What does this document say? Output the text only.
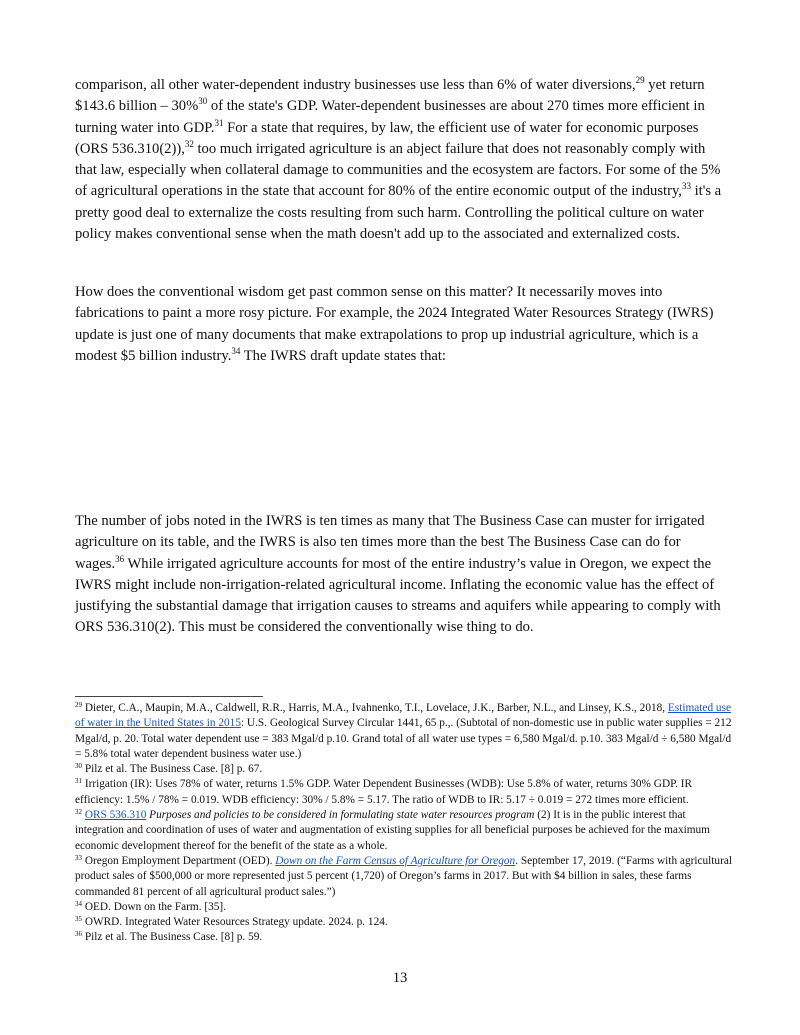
comparison, all other water-dependent industry businesses use less than 6% of water diversions,$^{29}$ yet return $143.6 billion – 30%$^{30}$ of the state's GDP. Water-dependent businesses are about 270 times more efficient in turning water into GDP.$^{31}$ For a state that requires, by law, the efficient use of water for economic purposes (ORS 536.310(2)),$^{32}$ too much irrigated agriculture is an abject failure that does not reasonably comply with that law, especially when collateral damage to communities and the ecosystem are factors. For some of the 5% of agricultural operations in the state that account for 80% of the entire economic output of the industry,$^{33}$ it's a pretty good deal to externalize the costs resulting from such harm. Controlling the political culture on water policy makes conventional sense when the math doesn't add up to the associated and externalized costs.

How does the conventional wisdom get past common sense on this matter? It necessarily moves into fabrications to paint a more rosy picture. For example, the 2024 Integrated Water Resources Strategy (IWRS) update is just one of many documents that make extrapolations to prop up industrial agriculture, which is a modest $5 billion industry.$^{34}$ The IWRS draft update states that:

The number of jobs noted in the IWRS is ten times as many that The Business Case can muster for irrigated agriculture on its table, and the IWRS is also ten times more than the best The Business Case can do for wages.$^{36}$ While irrigated agriculture accounts for most of the entire industry’s value in Oregon, we expect the IWRS might include non-irrigation-related agricultural income. Inflating the economic value has the effect of justifying the substantial damage that irrigation causes to streams and aquifers while appearing to comply with ORS 536.310(2). This must be considered the conventionally wise thing to do.

$^{29}$ Dieter, C.A., Maupin, M.A., Caldwell, R.R., Harris, M.A., Ivahnenko, T.I., Lovelace, J.K., Barber, N.L., and Linsey, K.S., 2018, Estimated use of water in the United States in 2015: U.S. Geological Survey Circular 1441, 65 p.,. (Subtotal of non-domestic use in public water supplies = 212 Mgal/d, p. 20. Total water dependent use = 383 Mgal/d p.10. Grand total of all water use types = 6,580 Mgal/d. p.10. 383 Mgal/d ÷ 6,580 Mgal/d = 5.8% total water dependent business water use.)

$^{30}$ Pilz et al. The Business Case. [8] p. 67.

$^{31}$ Irrigation (IR): Uses 78% of water, returns 1.5% GDP. Water Dependent Businesses (WDB): Use 5.8% of water, returns 30% GDP. IR efficiency: 1.5% / 78% = 0.019. WDB efficiency: 30% / 5.8% = 5.17. The ratio of WDB to IR: 5.17 ÷ 0.019 = 272 times more efficient.

$^{32}$ ORS 536.310 Purposes and policies to be considered in formulating state water resources program (2) It is in the public interest that integration and coordination of uses of water and augmentation of existing supplies for all beneficial purposes be achieved for the maximum economic development thereof for the benefit of the state as a whole.

$^{33}$ Oregon Employment Department (OED). Down on the Farm Census of Agriculture for Oregon. September 17, 2019. (“Farms with agricultural product sales of $500,000 or more represented just 5 percent (1,720) of Oregon’s farms in 2017. But with $4 billion in sales, these farms commanded 81 percent of all agricultural product sales.”)

$^{34}$ OED. Down on the Farm. [35].

$^{35}$ OWRD. Integrated Water Resources Strategy update. 2024. p. 124.

$^{36}$ Pilz et al. The Business Case. [8] p. 59.

13
